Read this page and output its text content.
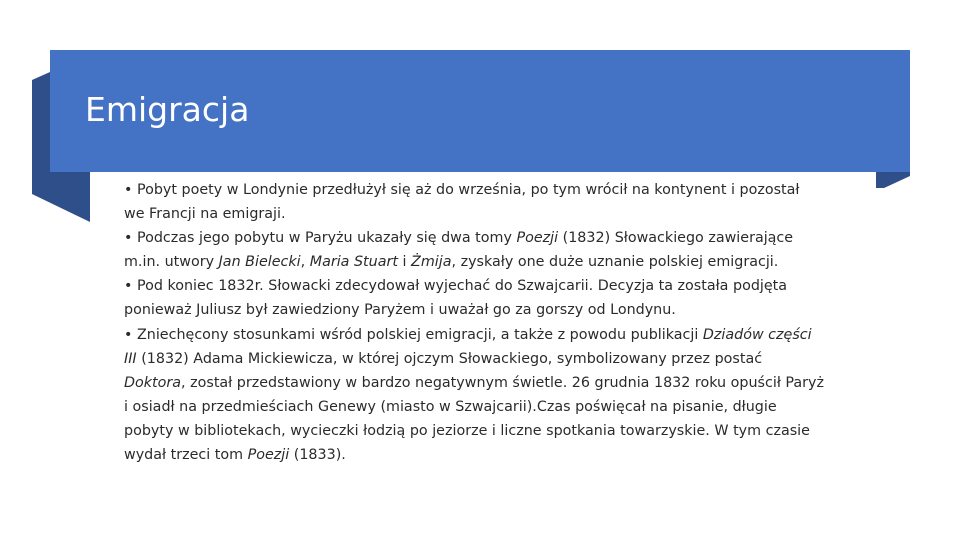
Emigracja

• Pobyt poety w Londynie przedłużył się aż do września, po tym wrócił na kontynent i pozostał we Francji na emigraji.

• Podczas jego pobytu w Paryżu ukazały się dwa tomy Poezji (1832) Słowackiego zawierające m.in. utwory Jan Bielecki, Maria Stuart i Żmija, zyskały one duże uznanie polskiej emigracji.

• Pod koniec 1832r. Słowacki zdecydował wyjechać do Szwajcarii. Decyzja ta została podjęta ponieważ Juliusz był zawiedziony Paryżem i uważał go za gorszy od Londynu.

• Zniechęcony stosunkami wśród polskiej emigracji, a także z powodu publikacji Dziadów części III (1832) Adama Mickiewicza, w której ojczym Słowackiego, symbolizowany przez postać Doktora, został przedstawiony w bardzo negatywnym świetle. 26 grudnia 1832 roku opuścił Paryż i osiadł na przedmieściach Genewy (miasto w Szwajcarii).Czas poświęcał na pisanie, długie pobyty w bibliotekach, wycieczki łodzią po jeziorze i liczne spotkania towarzyskie. W tym czasie wydał trzeci tom Poezji (1833).
